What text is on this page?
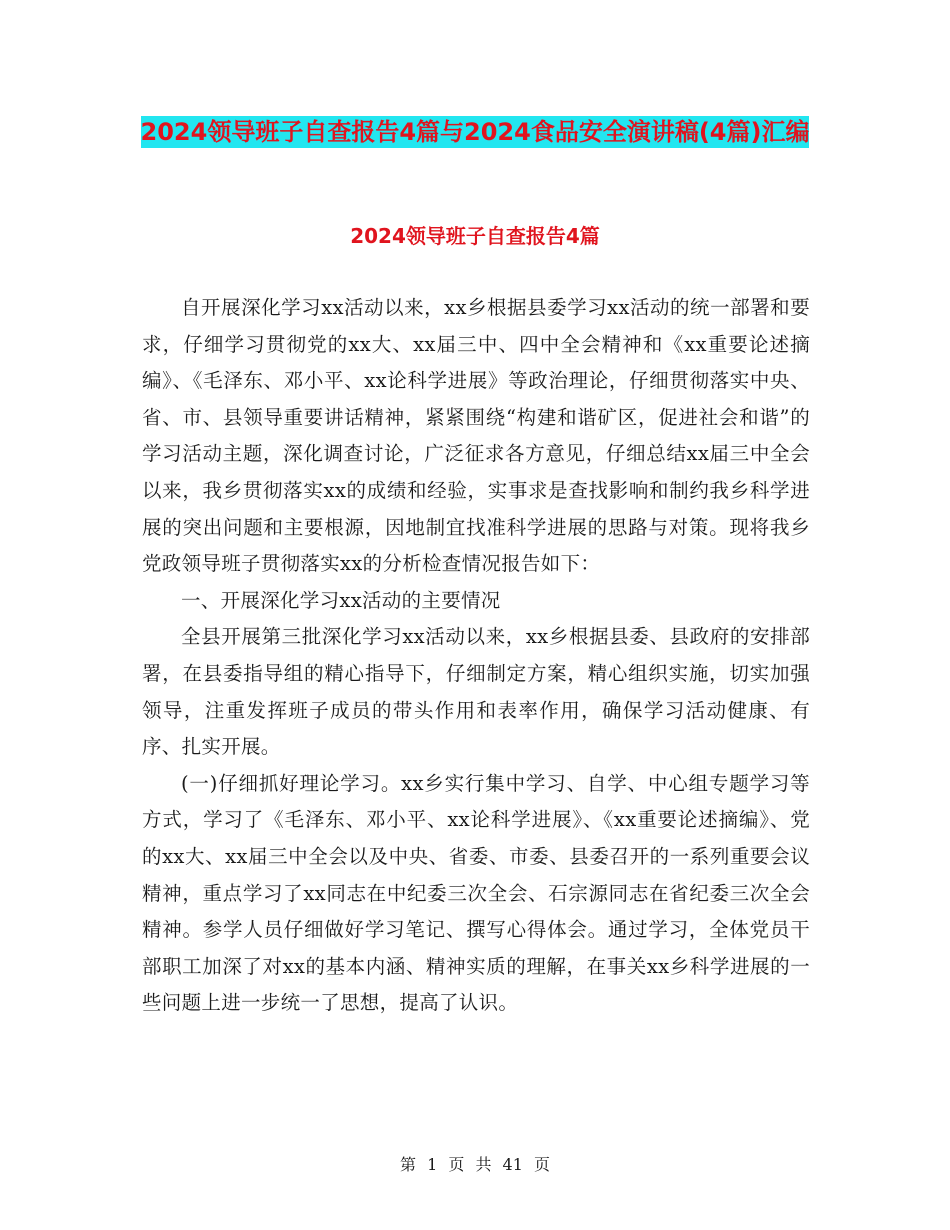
2024领导班子自查报告4篇与2024食品安全演讲稿(4篇)汇编
2024领导班子自查报告4篇

自开展深化学习xx活动以来，xx乡根据县委学习xx活动的统一部署和要求，仔细学习贯彻党的xx大、xx届三中、四中全会精神和《xx重要论述摘编》、《毛泽东、邓小平、xx论科学进展》等政治理论，仔细贯彻落实中央、省、市、县领导重要讲话精神，紧紧围绕“构建和谐矿区，促进社会和谐”的学习活动主题，深化调查讨论，广泛征求各方意见，仔细总结xx届三中全会以来，我乡贯彻落实xx的成绩和经验，实事求是查找影响和制约我乡科学进展的突出问题和主要根源，因地制宜找准科学进展的思路与对策。现将我乡党政领导班子贯彻落实xx的分析检查情况报告如下：

一、开展深化学习xx活动的主要情况

全县开展第三批深化学习xx活动以来，xx乡根据县委、县政府的安排部署，在县委指导组的精心指导下，仔细制定方案，精心组织实施，切实加强领导，注重发挥班子成员的带头作用和表率作用，确保学习活动健康、有序、扎实开展。

(一)仔细抓好理论学习。xx乡实行集中学习、自学、中心组专题学习等方式，学习了《毛泽东、邓小平、xx论科学进展》、《xx重要论述摘编》、党的xx大、xx届三中全会以及中央、省委、市委、县委召开的一系列重要会议精神，重点学习了xx同志在中纪委三次全会、石宗源同志在省纪委三次全会精神。参学人员仔细做好学习笔记、撰写心得体会。通过学习，全体党员干部职工加深了对xx的基本内涵、精神实质的理解，在事关xx乡科学进展的一些问题上进一步统一了思想，提高了认识。

第 1 页 共 41 页
